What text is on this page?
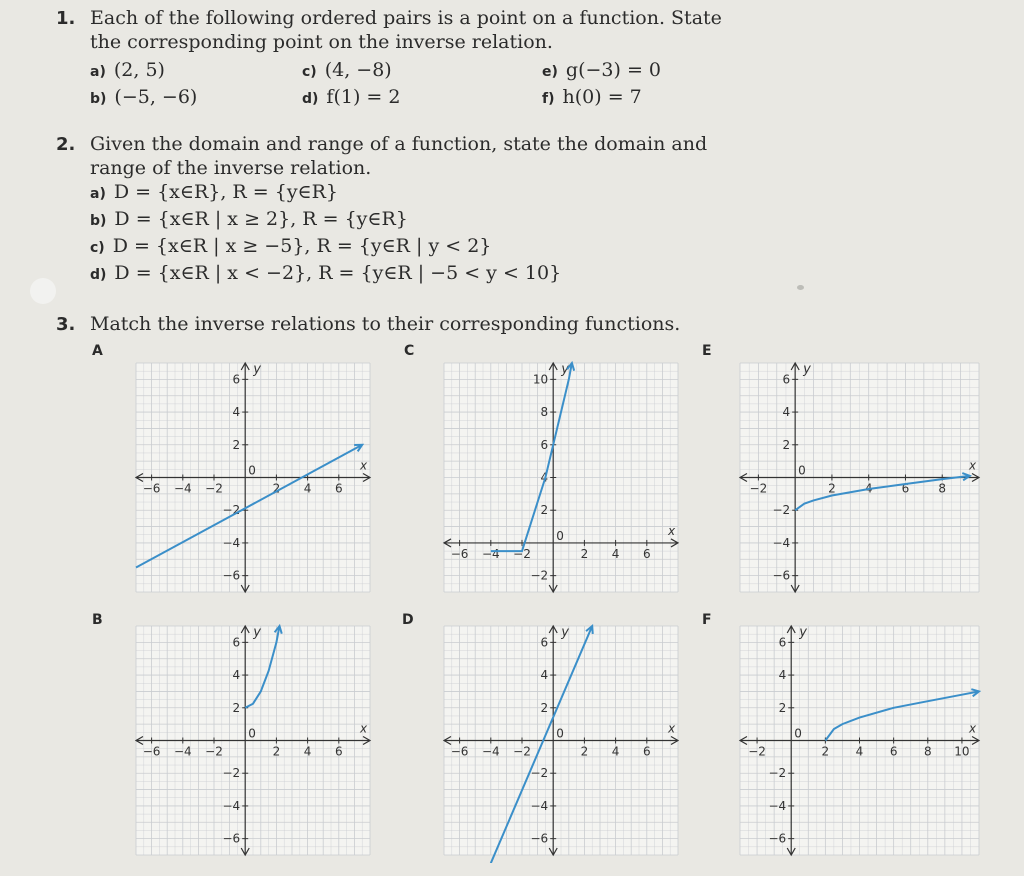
1. Each of the following ordered pairs is a point on a function. State the corresponding point on the inverse relation.
a) (2, 5)
b) (−5, −6)
c) (4, −8)
d) f(1) = 2
e) g(−3) = 0
f) h(0) = 7
2. Given the domain and range of a function, state the domain and range of the inverse relation.
a) D = {x∈R}, R = {y∈R}
b) D = {x∈R | x ≥ 2}, R = {y∈R}
c) D = {x∈R | x ≥ −5}, R = {y∈R | y < 2}
d) D = {x∈R | x < −2}, R = {y∈R | −5 < y < 10}
3. Match the inverse relations to their corresponding functions.
A	C	E
B	D	F
x
y
0
−6 −4 −2	2 4 6
6
4
2
−2
−4
−6
x
y
0
−6 −4 −2	2 4 6
10
8
6
4
2
−2
x
y
0
−2	2 4 6 8
6
4
2
−2
−4
−6
x
y
0
−6 −4 −2	2 4 6
6
4
2
−2
−4
−6
x
y
0
−6 −4 −2	2 4 6
6
4
2
−2
−4
−6
x
y
0
−2	2 4 6 8 10
6
4
2
−2
−4
−6
